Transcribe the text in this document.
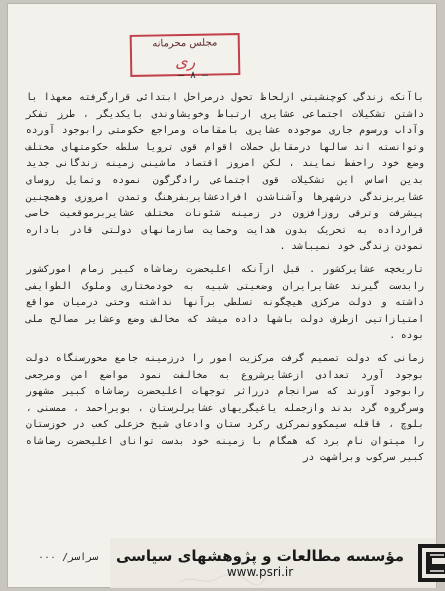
مجلس محرمانه
ری
— ۸ —

باآنکه زندگی کوچنشینی ازلحاظ تحول درمراحل ابتدائی قرارگرفته معهذا با داشتن تشکیلات اجتماعی عشایری ارتباط وخویشاوندی بایکدیگر ، طرز تفکر وآداب ورسوم جاری موجوده عشایری بامقامات ومراجع حکومتی رابوجود آورده وتوانسته اند سالها درمقابل حملات اقوام قوی ترویا سلطه حکومتهای مختلف وضع خود راحفظ نمایند ، لکن امروز اقتصاد ماشینی زمینه زندگانی جدید بدین اساس این تشکیلات قوی اجتماعی رادگرگون نموده وتمایل روسای عشایربزندگی درشهرها وآشناشدن افرادعشایربفرهنگ وتمدن امروزی وهمچنین پیشرفت وترقی روزافزون در زمینه شئونات مختلف عشایربرموقعیت خاصی قرارداده به تحریک بدون هدایت وحمایت سازمانهای دولتی قادر باداره نمودن زندگی خود نمیباشد .

تاریخچه عشایرکشور . قبل ازآنکه اعلیحضرت رضاشاه کبیر زمام امورکشور رابدست گیرند عشایرایران وضعیتی شبیه به خودمختاری وملوک الطوایفی داشته و دولت مرکزی هیچگونه تسلطی برآنها نداشته وحتی درمیان مواقع امتیازاتیی ازطرف دولت باشها داده میشد که مخالف وضع وعشایر مصالح ملی بوده .

زمانی که دولت تصمیم گرفت مرکزیت امور را درزمینه جامع محورسنگاه دولت بوجود آورد تعدادی ازعشایرشروع به مخالفت نمود مواضع امن ومرجعی رابوجود آورند که سرانجام درراثر توجهات اعلیحضرت رضاشاه کبیر مشهور وسرگروه گرد بدند وازجمله یاغیگریهای عشایرلرستان ، بویراحمد ، ممسنی ، بلوچ ، قاقله سیمکوونمرکزی رکرد ستان وادعای شیخ خزعلی کعب در خوزستان را میتوان نام برد که همگام با زمینه خود بدست توانای اعلیحضرت رضاشاه کبیر سرکوب وبراشهت در

سراسر/ ۰۰۰	مؤسسه مطالعات و پژوهشهای سیاسی
www.psri.ir
